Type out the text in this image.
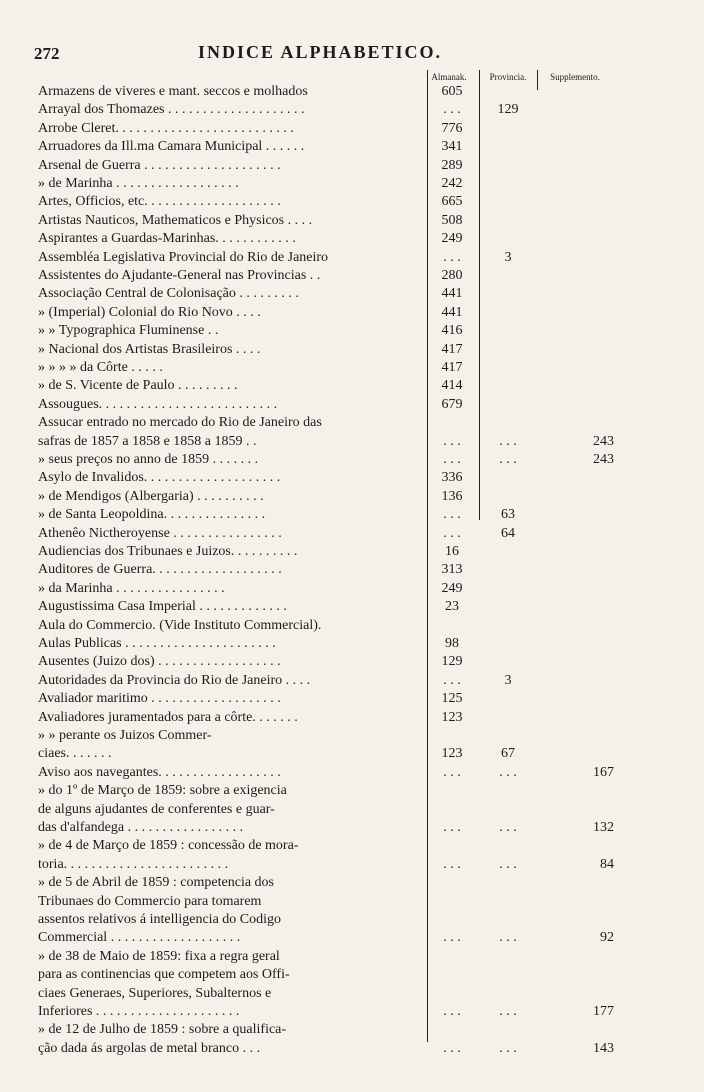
272	INDICE ALPHABETICO.
Almanak.	Provincia.	Supplemento.
Armazens de viveres e mant. seccos e molhados	605
Arrayal dos Thomazes . . . . . . . . . . . . . . . . . . . .	. . .	129
Arrobe Cleret. . . . . . . . . . . . . . . . . . . . . . . . . .	776
Arruadores da Ill.ma Camara Municipal . . . . . .	341
Arsenal de Guerra . . . . . . . . . . . . . . . . . . . .	289
» de Marinha . . . . . . . . . . . . . . . . . .	242
Artes, Officios, etc. . . . . . . . . . . . . . . . . . . .	665
Artistas Nauticos, Mathematicos e Physicos . . . .	508
Aspirantes a Guardas-Marinhas. . . . . . . . . . . .	249
Assembléa Legislativa Provincial do Rio de Janeiro	. . .	3
Assistentes do Ajudante-General nas Provincias . .	280
Associação Central de Colonisação . . . . . . . . .	441
» (Imperial) Colonial do Rio Novo . . . .	441
» » Typographica Fluminense . .	416
» Nacional dos Artistas Brasileiros . . . .	417
» » » » da Côrte . . . . .	417
» de S. Vicente de Paulo . . . . . . . . .	414
Assougues. . . . . . . . . . . . . . . . . . . . . . . . . .	679
Assucar entrado no mercado do Rio de Janeiro das
safras de 1857 a 1858 e 1858 a 1859 . .	. . .	. . .	243
» seus preços no anno de 1859 . . . . . . .	. . .	. . .	243
Asylo de Invalidos. . . . . . . . . . . . . . . . . . . .	336
» de Mendigos (Albergaria) . . . . . . . . . .	136
» de Santa Leopoldina. . . . . . . . . . . . . . .	. . .	63
Athenêo Nictheroyense . . . . . . . . . . . . . . . .	. . .	64
Audiencias dos Tribunaes e Juizos. . . . . . . . . .	16
Auditores de Guerra. . . . . . . . . . . . . . . . . . .	313
» da Marinha . . . . . . . . . . . . . . . .	249
Augustissima Casa Imperial . . . . . . . . . . . . .	23
Aula do Commercio. (Vide Instituto Commercial).
Aulas Publicas . . . . . . . . . . . . . . . . . . . . . .	98
Ausentes (Juizo dos) . . . . . . . . . . . . . . . . . .	129
Autoridades da Provincia do Rio de Janeiro . . . .	. . .	3
Avaliador maritimo . . . . . . . . . . . . . . . . . . .	125
Avaliadores juramentados para a côrte. . . . . . .	123
» » perante os Juizos Commer-
ciaes. . . . . . .	123	67
Aviso aos navegantes. . . . . . . . . . . . . . . . . .	. . .	. . .	167
» do 1º de Março de 1859: sobre a exigencia
de alguns ajudantes de conferentes e guar-
das d'alfandega . . . . . . . . . . . . . . . . .	. . .	. . .	132
» de 4 de Março de 1859 : concessão de mora-
toria. . . . . . . . . . . . . . . . . . . . . . . .	. . .	. . .	84
» de 5 de Abril de 1859 : competencia dos
Tribunaes do Commercio para tomarem
assentos relativos á intelligencia do Codigo
Commercial . . . . . . . . . . . . . . . . . . .	. . .	. . .	92
» de 38 de Maio de 1859: fixa a regra geral
para as continencias que competem aos Offi-
ciaes Generaes, Superiores, Subalternos e
Inferiores . . . . . . . . . . . . . . . . . . . . .	. . .	. . .	177
» de 12 de Julho de 1859 : sobre a qualifica-
ção dada ás argolas de metal branco . . .	. . .	. . .	143
